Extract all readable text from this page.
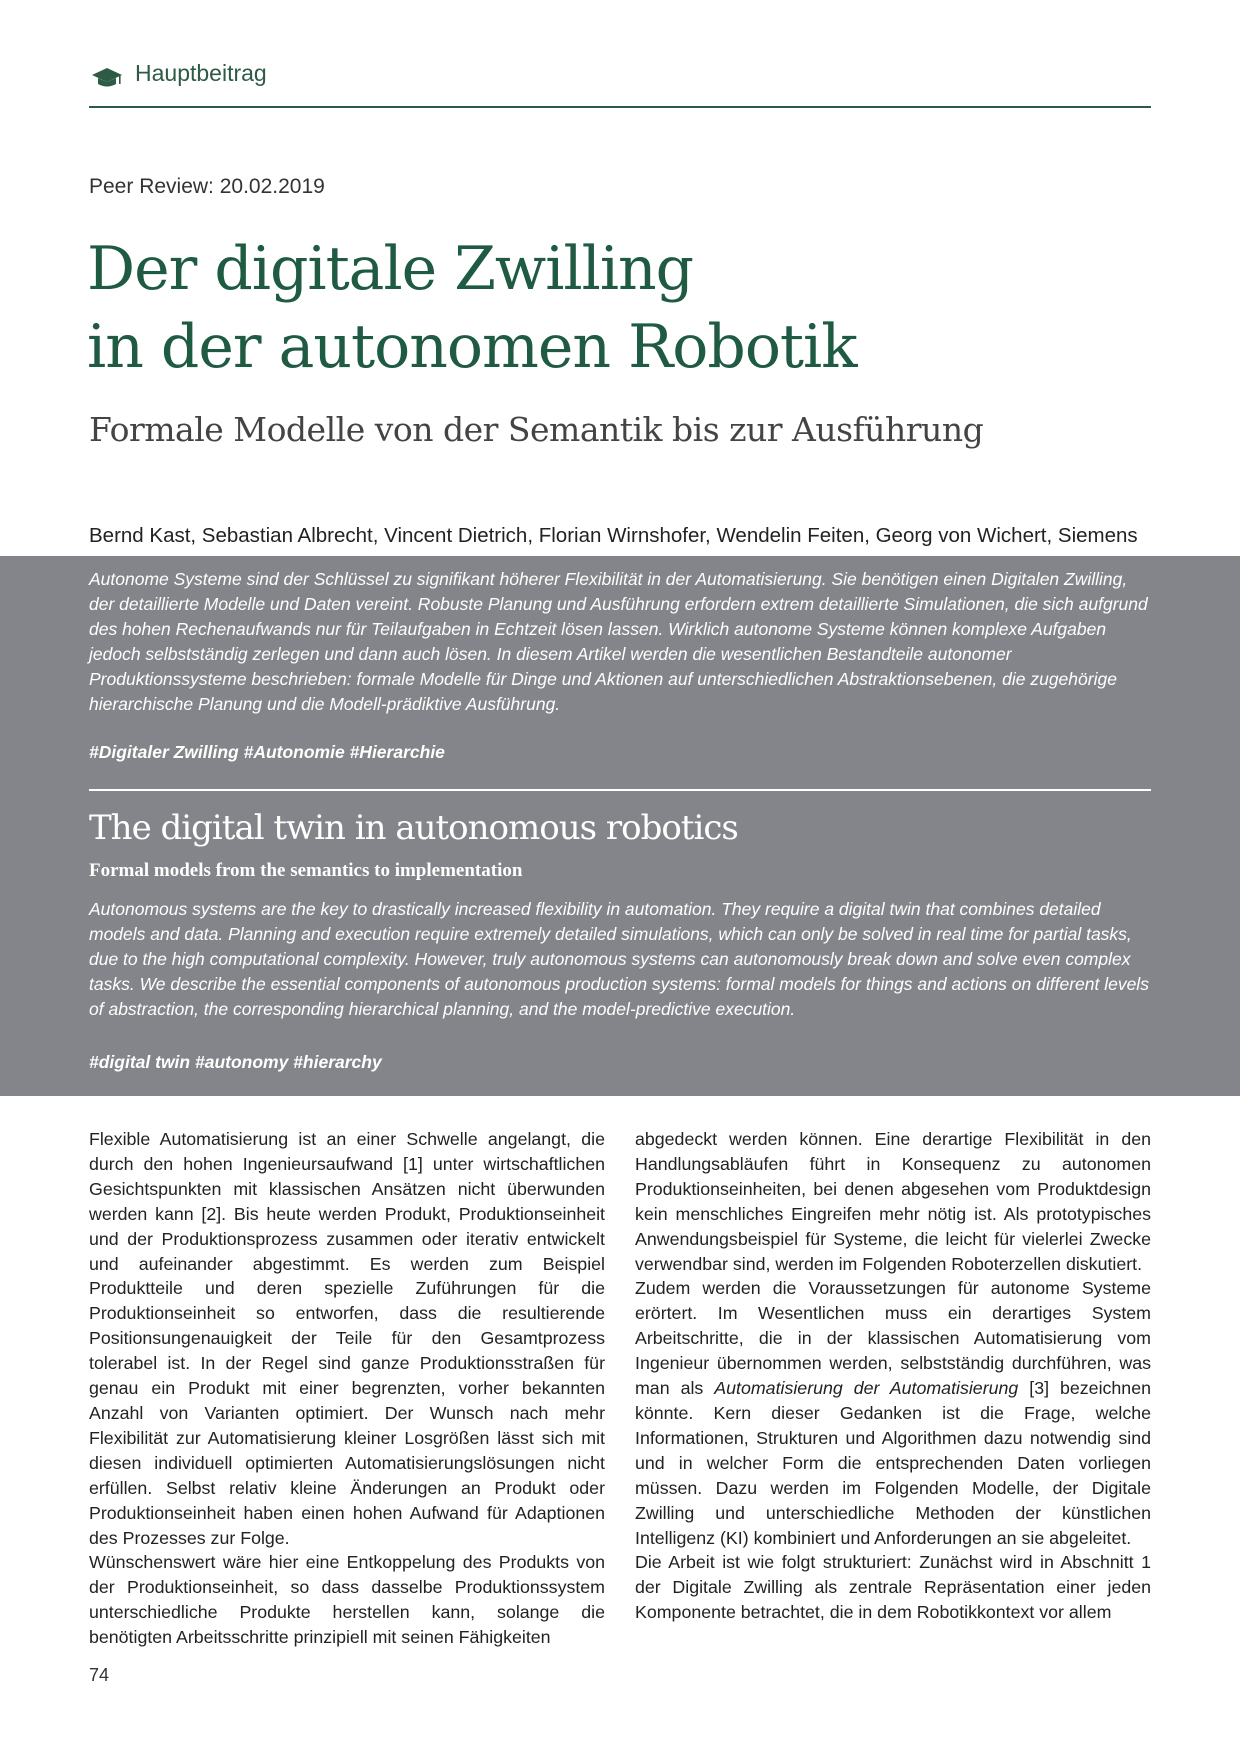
Hauptbeitrag
Peer Review: 20.02.2019
Der digitale Zwilling
in der autonomen Robotik
Formale Modelle von der Semantik bis zur Ausführung
Bernd Kast, Sebastian Albrecht, Vincent Dietrich, Florian Wirnshofer, Wendelin Feiten, Georg von Wichert, Siemens
Autonome Systeme sind der Schlüssel zu signifikant höherer Flexibilität in der Automatisierung. Sie benötigen einen Digitalen Zwilling, der detaillierte Modelle und Daten vereint. Robuste Planung und Ausführung erfordern extrem detaillierte Simulationen, die sich aufgrund des hohen Rechenaufwands nur für Teilaufgaben in Echtzeit lösen lassen. Wirklich autonome Systeme können komplexe Aufgaben jedoch selbstständig zerlegen und dann auch lösen. In diesem Artikel werden die wesentlichen Bestandteile autonomer Produktionssysteme beschrieben: formale Modelle für Dinge und Aktionen auf unterschiedlichen Abstraktionsebenen, die zugehörige hierarchische Planung und die Modell-prädiktive Ausführung.
#Digitaler Zwilling #Autonomie #Hierarchie
The digital twin in autonomous robotics
Formal models from the semantics to implementation
Autonomous systems are the key to drastically increased flexibility in automation. They require a digital twin that combines detailed models and data. Planning and execution require extremely detailed simulations, which can only be solved in real time for partial tasks, due to the high computational complexity. However, truly autonomous systems can autonomously break down and solve even complex tasks. We describe the essential components of autonomous production systems: formal models for things and actions on different levels of abstraction, the corresponding hierarchical planning, and the model-predictive execution.
#digital twin #autonomy #hierarchy

Flexible Automatisierung ist an einer Schwelle angelangt, die durch den hohen Ingenieursaufwand [1] unter wirtschaftlichen Gesichtspunkten mit klassischen Ansätzen nicht überwunden werden kann [2]. Bis heute werden Produkt, Produktionseinheit und der Produktionsprozess zusammen oder iterativ entwickelt und aufeinander abgestimmt. Es werden zum Beispiel Produktteile und deren spezielle Zuführungen für die Produktionseinheit so entworfen, dass die resultierende Positionsungenauigkeit der Teile für den Gesamtprozess tolerabel ist. In der Regel sind ganze Produktionsstraßen für genau ein Produkt mit einer begrenzten, vorher bekannten Anzahl von Varianten optimiert. Der Wunsch nach mehr Flexibilität zur Automatisierung kleiner Losgrößen lässt sich mit diesen individuell optimierten Automatisierungslösungen nicht erfüllen. Selbst relativ kleine Änderungen an Produkt oder Produktionseinheit haben einen hohen Aufwand für Adaptionen des Prozesses zur Folge.

Wünschenswert wäre hier eine Entkoppelung des Produkts von der Produktionseinheit, so dass dasselbe Produktionssystem unterschiedliche Produkte herstellen kann, solange die benötigten Arbeitsschritte prinzipiell mit seinen Fähigkeiten

abgedeckt werden können. Eine derartige Flexibilität in den Handlungsabläufen führt in Konsequenz zu autonomen Produktionseinheiten, bei denen abgesehen vom Produktdesign kein menschliches Eingreifen mehr nötig ist. Als prototypisches Anwendungsbeispiel für Systeme, die leicht für vielerlei Zwecke verwendbar sind, werden im Folgenden Roboterzellen diskutiert.

Zudem werden die Voraussetzungen für autonome Systeme erörtert. Im Wesentlichen muss ein derartiges System Arbeitschritte, die in der klassischen Automatisierung vom Ingenieur übernommen werden, selbstständig durchführen, was man als Automatisierung der Automatisierung [3] bezeichnen könnte. Kern dieser Gedanken ist die Frage, welche Informationen, Strukturen und Algorithmen dazu notwendig sind und in welcher Form die entsprechenden Daten vorliegen müssen. Dazu werden im Folgenden Modelle, der Digitale Zwilling und unterschiedliche Methoden der künstlichen Intelligenz (KI) kombiniert und Anforderungen an sie abgeleitet.

Die Arbeit ist wie folgt strukturiert: Zunächst wird in Abschnitt 1 der Digitale Zwilling als zentrale Repräsentation einer jeden Komponente betrachtet, die in dem Robotikkontext vor allem

74
